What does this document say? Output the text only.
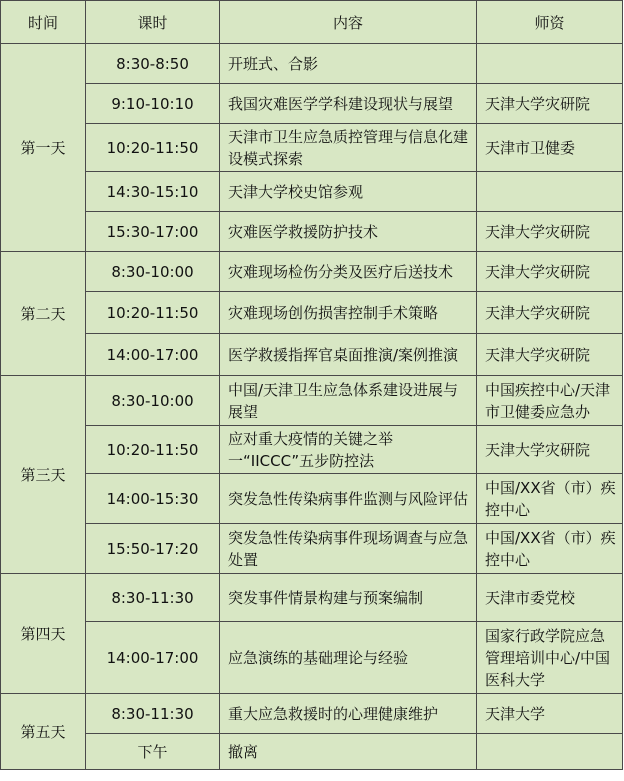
时间	课时	内容	师资
第一天	8:30-8:50	开班式、合影	
	9:10-10:10	我国灾难医学学科建设现状与展望	天津大学灾研院
	10:20-11:50	天津市卫生应急质控管理与信息化建设模式探索	天津市卫健委
	14:30-15:10	天津大学校史馆参观	
	15:30-17:00	灾难医学救援防护技术	天津大学灾研院
第二天	8:30-10:00	灾难现场检伤分类及医疗后送技术	天津大学灾研院
	10:20-11:50	灾难现场创伤损害控制手术策略	天津大学灾研院
	14:00-17:00	医学救援指挥官桌面推演/案例推演	天津大学灾研院
第三天	8:30-10:00	中国/天津卫生应急体系建设进展与展望	中国疾控中心/天津市卫健委应急办
	10:20-11:50	应对重大疫情的关键之举一“IICCC”五步防控法	天津大学灾研院
	14:00-15:30	突发急性传染病事件监测与风险评估	中国/XX省（市）疾控中心
	15:50-17:20	突发急性传染病事件现场调查与应急处置	中国/XX省（市）疾控中心
第四天	8:30-11:30	突发事件情景构建与预案编制	天津市委党校
	14:00-17:00	应急演练的基础理论与经验	国家行政学院应急管理培训中心/中国医科大学
第五天	8:30-11:30	重大应急救援时的心理健康维护	天津大学
	下午	撤离	
